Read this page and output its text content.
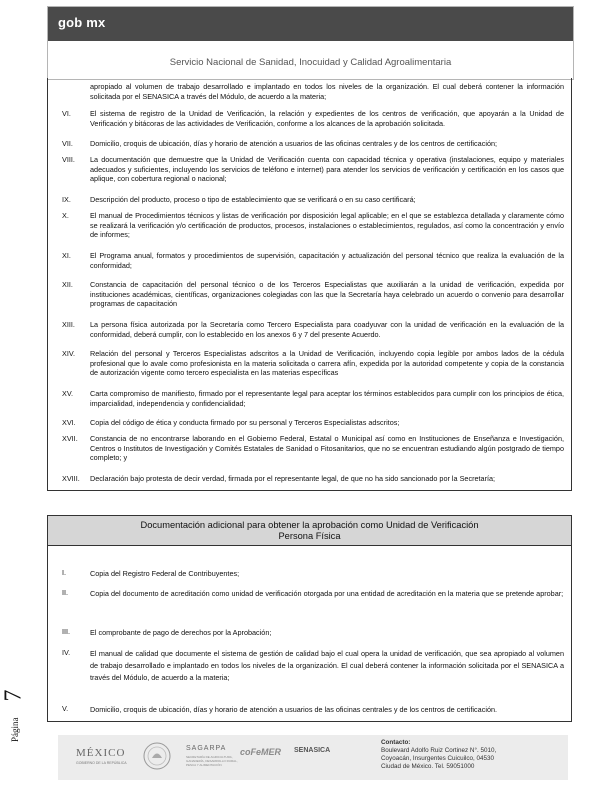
gob mx
Servicio Nacional de Sanidad, Inocuidad y Calidad Agroalimentaria
apropiado al volumen de trabajo desarrollado e implantado en todos los niveles de la organización. El cual deberá contener la información solicitada por el SENASICA a través del Módulo, de acuerdo a la materia;
VI.	El sistema de registro de la Unidad de Verificación, la relación y expedientes de los centros de verificación, que apoyarán a la Unidad de Verificación y bitácoras de las actividades de Verificación, conforme a los alcances de la aprobación solicitada.
VII. Domicilio, croquis de ubicación, días y horario de atención a usuarios de las oficinas centrales y de los centros de certificación;
VIII. La documentación que demuestre que la Unidad de Verificación cuenta con capacidad técnica y operativa (instalaciones, equipo y materiales adecuados y suficientes, incluyendo los servicios de teléfono e internet) para atender los servicios de verificación y certificación en los casos que aplique, con cobertura regional o nacional;
IX.	Descripción del producto, proceso o tipo de establecimiento que se verificará o en su caso certificará;
X.	El manual de Procedimientos técnicos y listas de verificación por disposición legal aplicable; en el que se establezca detallada y claramente cómo se realizará la verificación y/o certificación de productos, procesos, instalaciones o establecimientos, regulados, así como la concentración y envío de informes;
XI.	El Programa anual, formatos y procedimientos de supervisión, capacitación y actualización del personal técnico que realiza la evaluación de la conformidad;
XII. Constancia de capacitación del personal técnico o de los Terceros Especialistas que auxiliarán a la unidad de verificación, expedida por instituciones académicas, científicas, organizaciones colegiadas con las que la Secretaría haya celebrado un acuerdo o convenio para desarrollar programas de capacitación
XIII. La persona física autorizada por la Secretaría como Tercero Especialista para coadyuvar con la unidad de verificación en la evaluación de la conformidad, deberá cumplir, con lo establecido en los anexos 6 y 7 del presente Acuerdo.
XIV. Relación del personal y Terceros Especialistas adscritos a la Unidad de Verificación, incluyendo copia legible por ambos lados de la cédula profesional que lo avale como profesionista en la materia solicitada o carrera afín, expedida por la autoridad competente y copia de la constancia de autorización vigente como tercero especialista en las materias específicas
XV. Carta compromiso de manifiesto, firmado por el representante legal para aceptar los términos establecidos para cumplir con los principios de ética, imparcialidad, independencia y confidencialidad;
XVI. Copia del código de ética y conducta firmado por su personal y Terceros Especialistas adscritos;
XVII. Constancia de no encontrarse laborando en el Gobierno Federal, Estatal o Municipal así como en Instituciones de Enseñanza e Investigación, Centros o Institutos de Investigación y Comités Estatales de Sanidad o Fitosanitarios, que no se encuentran estudiando algún postgrado de tiempo completo; y
XVIII. Declaración bajo protesta de decir verdad, firmada por el representante legal, de que no ha sido sancionado por la Secretaría;
Documentación adicional para obtener la aprobación como Unidad de Verificación
Persona Física
I.	Copia del Registro Federal de Contribuyentes;
II.	Copia del documento de acreditación como unidad de verificación otorgada por una entidad de acreditación en la materia que se pretende aprobar;
III.	El comprobante de pago de derechos por la Aprobación;
IV.	El manual de calidad que documente el sistema de gestión de calidad bajo el cual opera la unidad de verificación, que sea apropiado al volumen de trabajo desarrollado e implantado en todos los niveles de la organización. El cual deberá contener la información solicitada por el SENASICA a través del Módulo, de acuerdo a la materia;
V.	Domicilio, croquis de ubicación, días y horario de atención a usuarios de las oficinas centrales y de los centros de certificación.
7
Página
MÉXICO
GOBIERNO DE LA REPÚBLICA
SAGARPA
SECRETARÍA DE AGRICULTURA, GANADERÍA, DESARROLLO RURAL, PESCA Y ALIMENTACIÓN
coFeMER SENASICA
Contacto:
Boulevard Adolfo Ruiz Cortinez N°. 5010,
Coyoacán, Insurgentes Cuicuilco, 04530
Ciudad de México. Tel. 59051000
